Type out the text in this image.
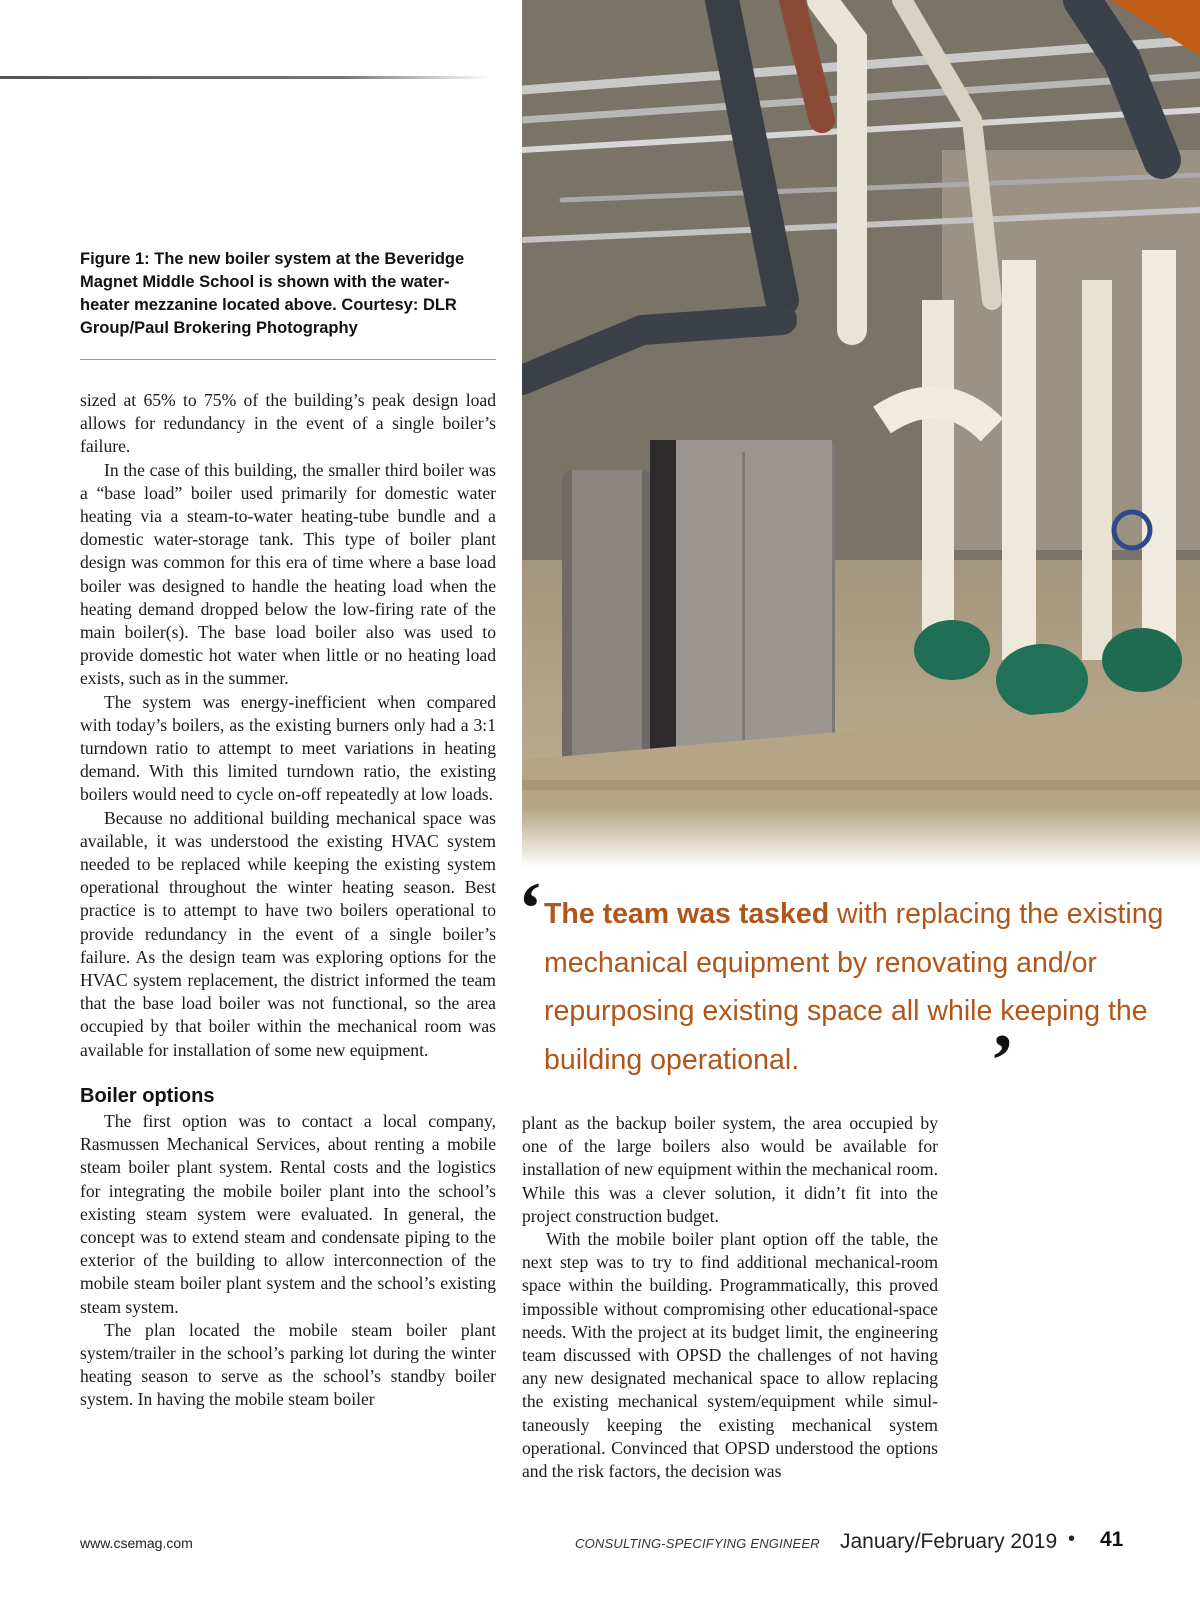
Figure 1: The new boiler system at the Beveridge Magnet Middle School is shown with the water-heater mezzanine located above. Courtesy: DLR Group/Paul Brokering Photography

sized at 65% to 75% of the building’s peak design load allows for redundancy in the event of a single boiler’s failure.

In the case of this building, the smaller third boiler was a “base load” boiler used primarily for domestic water heating via a steam-to-water heating-tube bundle and a domestic water-storage tank. This type of boiler plant design was common for this era of time where a base load boiler was designed to handle the heating load when the heating demand dropped below the low-firing rate of the main boiler(s). The base load boiler also was used to provide domestic hot water when little or no heating load exists, such as in the summer.

The system was energy-inefficient when compared with today’s boilers, as the existing burners only had a 3:1 turndown ratio to attempt to meet variations in heating demand. With this limited turndown ratio, the existing boilers would need to cycle on-off repeatedly at low loads.

Because no additional building mechanical space was available, it was understood the existing HVAC system needed to be replaced while keeping the existing system operational throughout the winter heating season. Best practice is to attempt to have two boilers operational to provide redundancy in the event of a single boiler’s failure. As the design team was exploring options for the HVAC system replacement, the district informed the team that the base load boiler was not functional, so the area occupied by that boiler within the mechanical room was available for installation of some new equipment.

Boiler options

The first option was to contact a local company, Rasmussen Mechanical Services, about renting a mobile steam boiler plant system. Rental costs and the logistics for integrating the mobile boiler plant into the school’s existing steam system were evaluated. In general, the concept was to extend steam and condensate piping to the exterior of the building to allow interconnection of the mobile steam boiler plant system and the school’s existing steam system.

The plan located the mobile steam boiler plant system/trailer in the school’s parking lot during the winter heating season to serve as the school’s standby boiler system. In having the mobile steam boiler

‘ The team was tasked with replacing the existing mechanical equipment by renovating and/or repurposing existing space all while keeping the building operational.	’

plant as the backup boiler system, the area occupied by one of the large boilers also would be available for installation of new equipment within the mechanical room. While this was a clever solution, it didn’t fit into the project construction budget.

With the mobile boiler plant option off the table, the next step was to try to find additional mechanical-room space within the building. Programmatically, this proved impossible without compromising other educational-space needs. With the project at its budget limit, the engineering team discussed with OPSD the challenges of not having any new designated mechanical space to allow replacing the existing mechanical system/equipment while simultaneously keeping the existing mechanical system operational. Convinced that OPSD understood the options and the risk factors, the decision was

www.csemag.com	CONSULTING-SPECIFYING ENGINEER January/February 2019 • 41
